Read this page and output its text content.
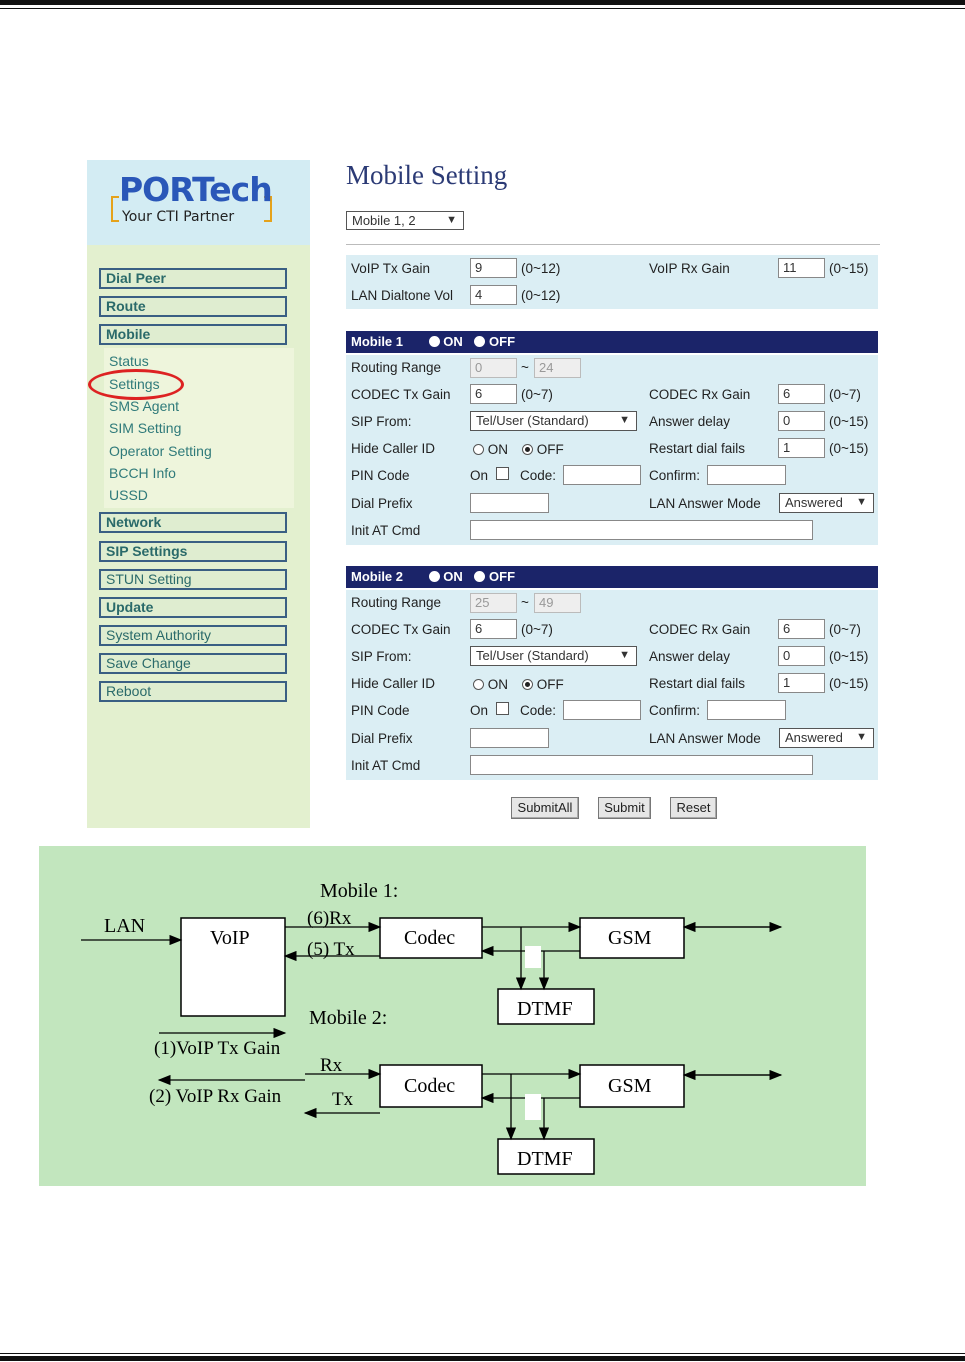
PORTech
Your CTI Partner
Dial Peer
Route
Mobile
Status
Settings
SMS Agent
SIM Setting
Operator Setting
BCCH Info
USSD
Network
SIP Settings
STUN Setting
Update
System Authority
Save Change
Reboot
Mobile Setting
Mobile 1, 2	▼
VoIP Tx Gain	9	(0~12)	VoIP Rx Gain	11	(0~15)
LAN Dialtone Vol	4	(0~12)
Mobile 1	ON OFF
Routing Range	0	~ 24
CODEC Tx Gain	6	(0~7)	CODEC Rx Gain	6	(0~7)
SIP From:	Tel/User (Standard)	▼ Answer delay	0	(0~15)
Hide Caller ID	ON	OFF	Restart dial fails	1	(0~15)
PIN Code	On Code:	Confirm:
Dial Prefix	LAN Answer Mode	Answered ▼
Init AT Cmd
Mobile 2	ON OFF
Routing Range	25	~ 49
CODEC Tx Gain	6	(0~7)	CODEC Rx Gain	6	(0~7)
SIP From:	Tel/User (Standard)	▼ Answer delay	0	(0~15)
Hide Caller ID	ON	OFF	Restart dial fails	1	(0~15)
PIN Code	On Code:	Confirm:
Dial Prefix	LAN Answer Mode	Answered ▼
Init AT Cmd
SubmitAll	Submit	Reset
Mobile 1:
LAN
VoIP
(6)Rx
(5) Tx
Codec	GSM
DTMF
Mobile 2:
(1)VoIP Tx Gain
(2) VoIP Rx Gain
Rx
Tx
Codec	GSM
DTMF
